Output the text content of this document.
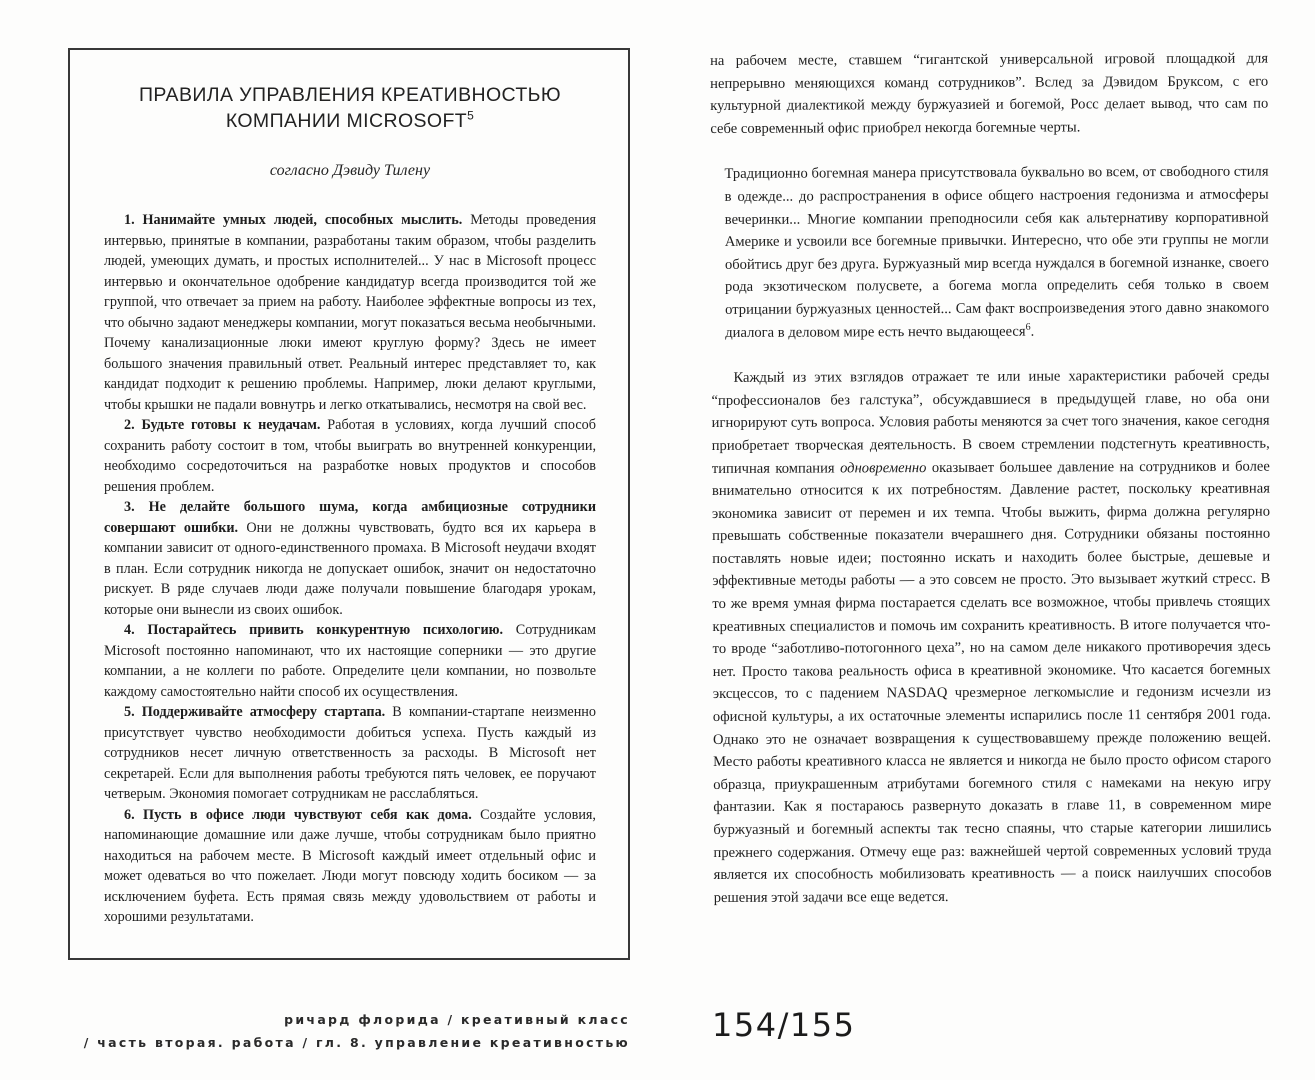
ПРАВИЛА УПРАВЛЕНИЯ КРЕАТИВНОСТЬЮ
КОМПАНИИ MICROSOFT$^5$
согласно Дэвиду Тилену

1. Нанимайте умных людей, способных мыслить. Методы проведения интервью, принятые в компании, разработаны таким образом, чтобы разделить людей, умеющих думать, и простых исполнителей... У нас в Microsoft процесс интервью и окончательное одобрение кандидатур всегда производится той же группой, что отвечает за прием на работу. Наиболее эффектные вопросы из тех, что обычно задают менеджеры компании, могут показаться весьма необычными. Почему канализационные люки имеют круглую форму? Здесь не имеет большого значения правильный ответ. Реальный интерес представляет то, как кандидат подходит к решению проблемы. Например, люки делают круглыми, чтобы крышки не падали вовнутрь и легко откатывались, несмотря на свой вес.

2. Будьте готовы к неудачам. Работая в условиях, когда лучший способ сохранить работу состоит в том, чтобы выиграть во внутренней конкуренции, необходимо сосредоточиться на разработке новых продуктов и способов решения проблем.

3. Не делайте большого шума, когда амбициозные сотрудники совершают ошибки. Они не должны чувствовать, будто вся их карьера в компании зависит от одного-единственного промаха. В Microsoft неудачи входят в план. Если сотрудник никогда не допускает ошибок, значит он недостаточно рискует. В ряде случаев люди даже получали повышение благодаря урокам, которые они вынесли из своих ошибок.

4. Постарайтесь привить конкурентную психологию. Сотрудникам Microsoft постоянно напоминают, что их настоящие соперники — это другие компании, а не коллеги по работе. Определите цели компании, но позвольте каждому самостоятельно найти способ их осуществления.

5. Поддерживайте атмосферу стартапа. В компании-стартапе неизменно присутствует чувство необходимости добиться успеха. Пусть каждый из сотрудников несет личную ответственность за расходы. В Microsoft нет секретарей. Если для выполнения работы требуются пять человек, ее поручают четверым. Экономия помогает сотрудникам не расслабляться.

6. Пусть в офисе люди чувствуют себя как дома. Создайте условия, напоминающие домашние или даже лучше, чтобы сотрудникам было приятно находиться на рабочем месте. В Microsoft каждый имеет отдельный офис и может одеваться во что пожелает. Люди могут повсюду ходить босиком — за исключением буфета. Есть прямая связь между удовольствием от работы и хорошими результатами.

ричард флорида / креативный класс
/ часть вторая. работа / гл. 8. управление креативностью

на рабочем месте, ставшем “гигантской универсальной игровой площадкой для непрерывно меняющихся команд сотрудников”. Вслед за Дэвидом Бруксом, с его культурной диалектикой между буржуазией и богемой, Росс делает вывод, что сам по себе современный офис приобрел некогда богемные черты.

Традиционно богемная манера присутствовала буквально во всем, от свободного стиля в одежде... до распространения в офисе общего настроения гедонизма и атмосферы вечеринки... Многие компании преподносили себя как альтернативу корпоративной Америке и усвоили все богемные привычки. Интересно, что обе эти группы не могли обойтись друг без друга. Буржуазный мир всегда нуждался в богемной изнанке, своего рода экзотическом полусвете, а богема могла определить себя только в своем отрицании буржуазных ценностей... Сам факт воспроизведения этого давно знакомого диалога в деловом мире есть нечто выдающееся$^6$.

Каждый из этих взглядов отражает те или иные характеристики рабочей среды “профессионалов без галстука”, обсуждавшиеся в предыдущей главе, но оба они игнорируют суть вопроса. Условия работы меняются за счет того значения, какое сегодня приобретает творческая деятельность. В своем стремлении подстегнуть креативность, типичная компания одновременно оказывает большее давление на сотрудников и более внимательно относится к их потребностям. Давление растет, поскольку креативная экономика зависит от перемен и их темпа. Чтобы выжить, фирма должна регулярно превышать собственные показатели вчерашнего дня. Сотрудники обязаны постоянно поставлять новые идеи; постоянно искать и находить более быстрые, дешевые и эффективные методы работы — а это совсем не просто. Это вызывает жуткий стресс. В то же время умная фирма постарается сделать все возможное, чтобы привлечь стоящих креативных специалистов и помочь им сохранить креативность. В итоге получается что-то вроде “заботливо-потогонного цеха”, но на самом деле никакого противоречия здесь нет. Просто такова реальность офиса в креативной экономике. Что касается богемных эксцессов, то с падением NASDAQ чрезмерное легкомыслие и гедонизм исчезли из офисной культуры, а их остаточные элементы испарились после 11 сентября 2001 года. Однако это не означает возвращения к существовавшему прежде положению вещей. Место работы креативного класса не является и никогда не было просто офисом старого образца, приукрашенным атрибутами богемного стиля с намеками на некую игру фантазии. Как я постараюсь развернуто доказать в главе 11, в современном мире буржуазный и богемный аспекты так тесно спаяны, что старые категории лишились прежнего содержания. Отмечу еще раз: важнейшей чертой современных условий труда является их способность мобилизовать креативность — а поиск наилучших способов решения этой задачи все еще ведется.

154/155
